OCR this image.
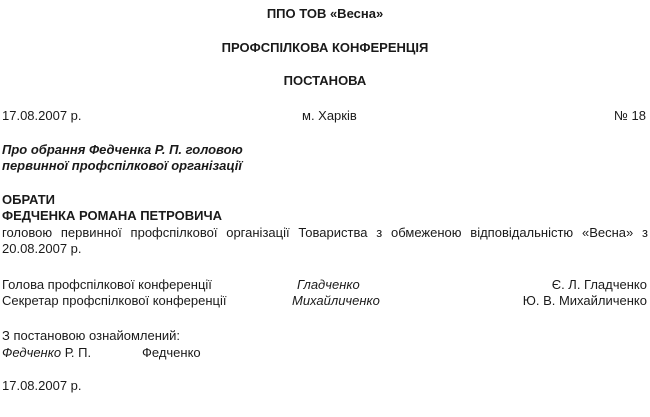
ППО ТОВ «Весна»
ПРОФСПІЛКОВА КОНФЕРЕНЦІЯ
ПОСТАНОВА
17.08.2007 р.	м. Харків	№ 18
Про обрання Федченка Р. П. головою
первинної профспілкової організації
ОБРАТИ
ФЕДЧЕНКА РОМАНА ПЕТРОВИЧА
головою первинної профспілкової організації Товариства з обмеженою відповідальністю «Весна» з 20.08.2007 р.
Голова профспілкової конференції	Гладченко	Є. Л. Гладченко
Секретар профспілкової конференції	Михайличенко	Ю. В. Михайличенко
З постановою ознайомлений:
Федченко Р. П.	Федченко
17.08.2007 р.
